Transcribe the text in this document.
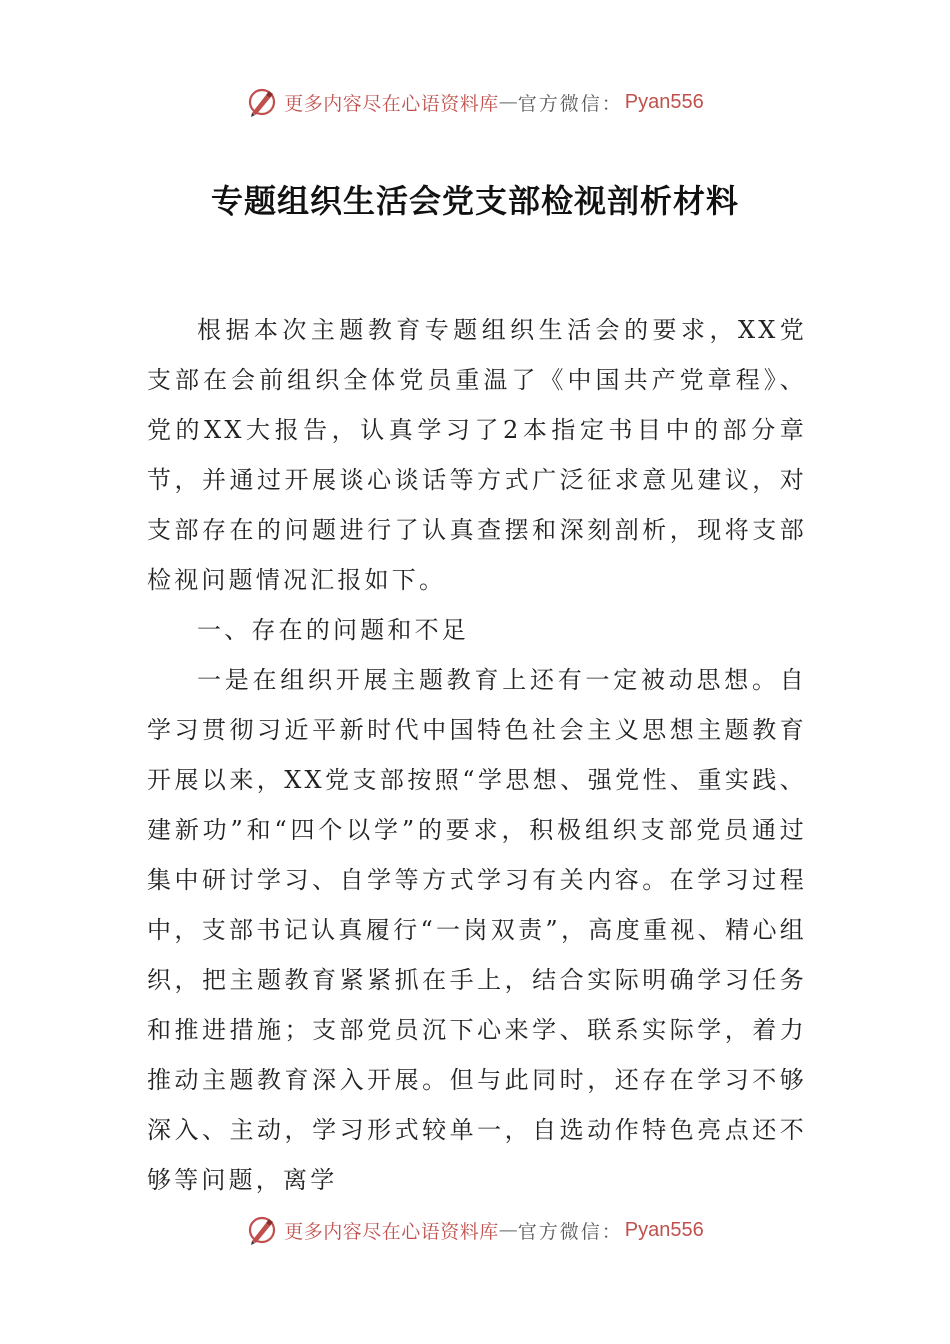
更多内容尽在心语资料库 — 官方微信： Pyan556
专题组织生活会党支部检视剖析材料

根据本次主题教育专题组织生活会的要求，XX党支部在会前组织全体党员重温了《中国共产党章程》、党的XX大报告，认真学习了2本指定书目中的部分章节，并通过开展谈心谈话等方式广泛征求意见建议，对支部存在的问题进行了认真查摆和深刻剖析，现将支部检视问题情况汇报如下。

一、存在的问题和不足

一是在组织开展主题教育上还有一定被动思想。自学习贯彻习近平新时代中国特色社会主义思想主题教育开展以来，XX党支部按照“学思想、强党性、重实践、建新功”和“四个以学”的要求，积极组织支部党员通过集中研讨学习、自学等方式学习有关内容。在学习过程中，支部书记认真履行“一岗双责”，高度重视、精心组织，把主题教育紧紧抓在手上，结合实际明确学习任务和推进措施；支部党员沉下心来学、联系实际学，着力推动主题教育深入开展。但与此同时，还存在学习不够深入、主动，学习形式较单一，自选动作特色亮点还不够等问题，离学

更多内容尽在心语资料库 — 官方微信： Pyan556
